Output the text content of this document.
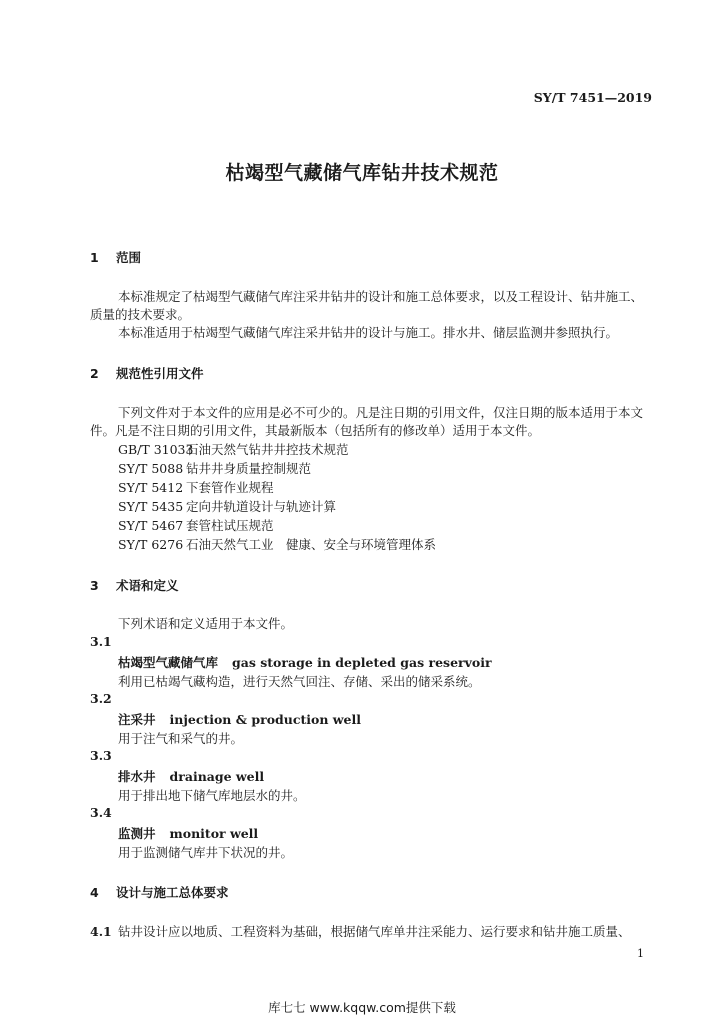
SY/T 7451—2019
枯竭型气藏储气库钻井技术规范
1 范围
本标准规定了枯竭型气藏储气库注采井钻井的设计和施工总体要求，以及工程设计、钻井施工、
质量的技术要求。
本标准适用于枯竭型气藏储气库注采井钻井的设计与施工。排水井、储层监测井参照执行。
2 规范性引用文件
下列文件对于本文件的应用是必不可少的。凡是注日期的引用文件，仅注日期的版本适用于本文
件。凡是不注日期的引用文件，其最新版本（包括所有的修改单）适用于本文件。
GB/T 31033石油天然气钻井井控技术规范
SY/T 5088 钻井井身质量控制规范
SY/T 5412 下套管作业规程
SY/T 5435 定向井轨道设计与轨迹计算
SY/T 5467 套管柱试压规范
SY/T 6276 石油天然气工业　健康、安全与环境管理体系
3 术语和定义
下列术语和定义适用于本文件。
3.1
枯竭型气藏储气库 gas storage in depleted gas reservoir
利用已枯竭气藏构造，进行天然气回注、存储、采出的储采系统。
3.2
注采井 injection & production well
用于注气和采气的井。
3.3
排水井 drainage well
用于排出地下储气库地层水的井。
3.4
监测井 monitor well
用于监测储气库井下状况的井。
4 设计与施工总体要求
4.1 钻井设计应以地质、工程资料为基础，根据储气库单井注采能力、运行要求和钻井施工质量、
1
库七七 www.kqqw.com提供下载
